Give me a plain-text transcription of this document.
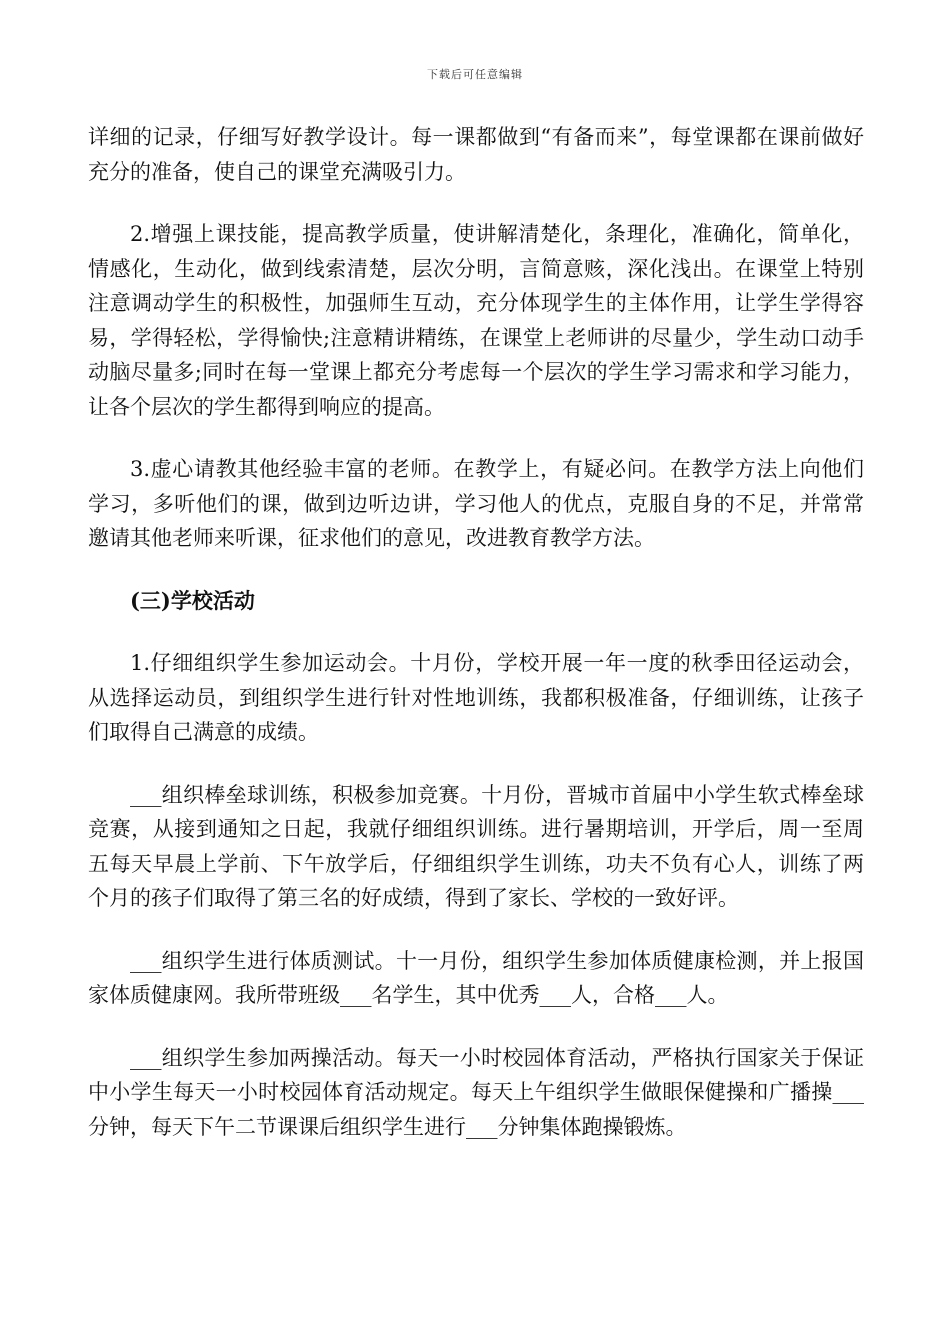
下载后可任意编辑

详细的记录，仔细写好教学设计。每一课都做到“有备而来”，每堂课都在课前做好充分的准备，使自己的课堂充满吸引力。

2.增强上课技能，提高教学质量，使讲解清楚化，条理化，准确化，简单化，情感化，生动化，做到线索清楚，层次分明，言简意赅，深化浅出。在课堂上特别注意调动学生的积极性，加强师生互动，充分体现学生的主体作用，让学生学得容易，学得轻松，学得愉快;注意精讲精练，在课堂上老师讲的尽量少，学生动口动手动脑尽量多;同时在每一堂课上都充分考虑每一个层次的学生学习需求和学习能力，让各个层次的学生都得到响应的提高。

3.虚心请教其他经验丰富的老师。在教学上，有疑必问。在教学方法上向他们学习，多听他们的课，做到边听边讲，学习他人的优点，克服自身的不足，并常常邀请其他老师来听课，征求他们的意见，改进教育教学方法。

(三)学校活动

1.仔细组织学生参加运动会。十月份，学校开展一年一度的秋季田径运动会，从选择运动员，到组织学生进行针对性地训练，我都积极准备，仔细训练，让孩子们取得自己满意的成绩。

___组织棒垒球训练，积极参加竞赛。十月份，晋城市首届中小学生软式棒垒球竞赛，从接到通知之日起，我就仔细组织训练。进行暑期培训，开学后，周一至周五每天早晨上学前、下午放学后，仔细组织学生训练，功夫不负有心人，训练了两个月的孩子们取得了第三名的好成绩，得到了家长、学校的一致好评。

___组织学生进行体质测试。十一月份，组织学生参加体质健康检测，并上报国家体质健康网。我所带班级___名学生，其中优秀___人，合格___人。

___组织学生参加两操活动。每天一小时校园体育活动，严格执行国家关于保证中小学生每天一小时校园体育活动规定。每天上午组织学生做眼保健操和广播操___分钟，每天下午二节课课后组织学生进行___分钟集体跑操锻炼。
